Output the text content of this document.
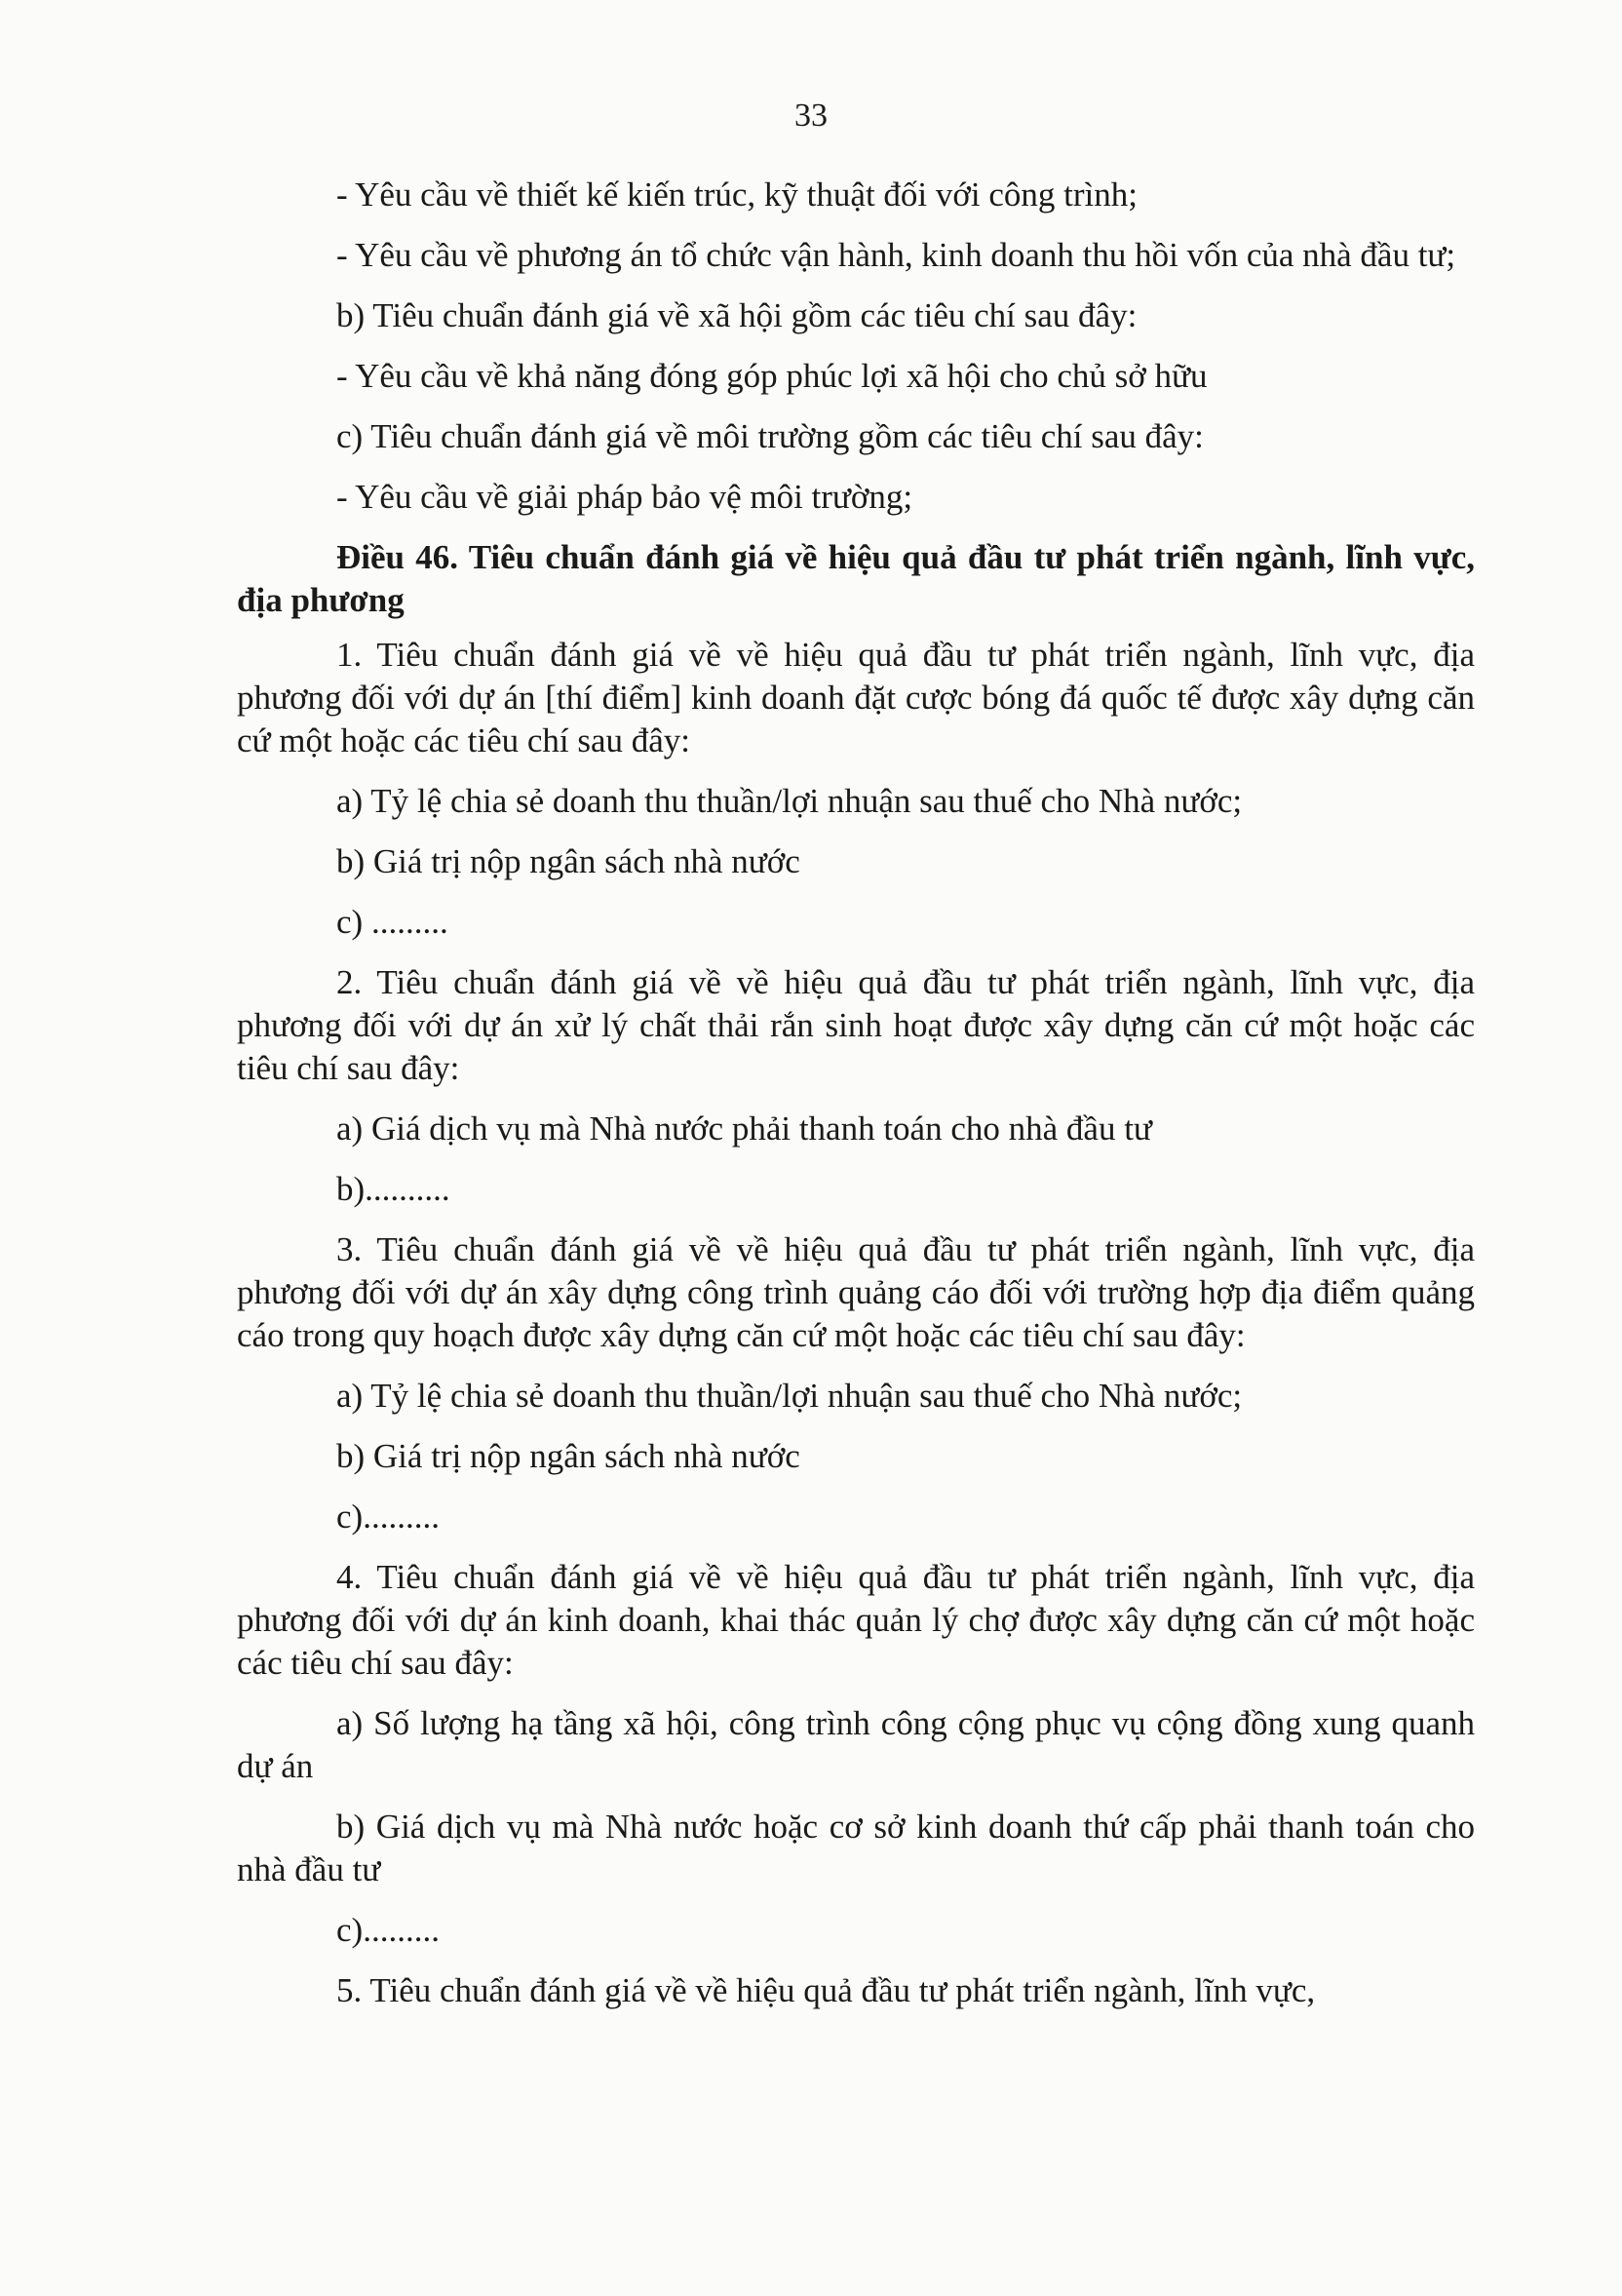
33

- Yêu cầu về thiết kế kiến trúc, kỹ thuật đối với công trình;

- Yêu cầu về phương án tổ chức vận hành, kinh doanh thu hồi vốn của nhà đầu tư;

b) Tiêu chuẩn đánh giá về xã hội gồm các tiêu chí sau đây:

- Yêu cầu về khả năng đóng góp phúc lợi xã hội cho chủ sở hữu

c) Tiêu chuẩn đánh giá về môi trường gồm các tiêu chí sau đây:

- Yêu cầu về giải pháp bảo vệ môi trường;

Điều 46. Tiêu chuẩn đánh giá về hiệu quả đầu tư phát triển ngành, lĩnh vực, địa phương

1. Tiêu chuẩn đánh giá về về hiệu quả đầu tư phát triển ngành, lĩnh vực, địa phương đối với dự án [thí điểm] kinh doanh đặt cược bóng đá quốc tế được xây dựng căn cứ một hoặc các tiêu chí sau đây:

a) Tỷ lệ chia sẻ doanh thu thuần/lợi nhuận sau thuế cho Nhà nước;

b) Giá trị nộp ngân sách nhà nước

c) .........

2. Tiêu chuẩn đánh giá về về hiệu quả đầu tư phát triển ngành, lĩnh vực, địa phương đối với dự án xử lý chất thải rắn sinh hoạt được xây dựng căn cứ một hoặc các tiêu chí sau đây:

a) Giá dịch vụ mà Nhà nước phải thanh toán cho nhà đầu tư

b)..........

3. Tiêu chuẩn đánh giá về về hiệu quả đầu tư phát triển ngành, lĩnh vực, địa phương đối với dự án xây dựng công trình quảng cáo đối với trường hợp địa điểm quảng cáo trong quy hoạch được xây dựng căn cứ một hoặc các tiêu chí sau đây:

a) Tỷ lệ chia sẻ doanh thu thuần/lợi nhuận sau thuế cho Nhà nước;

b) Giá trị nộp ngân sách nhà nước

c).........

4. Tiêu chuẩn đánh giá về về hiệu quả đầu tư phát triển ngành, lĩnh vực, địa phương đối với dự án kinh doanh, khai thác quản lý chợ được xây dựng căn cứ một hoặc các tiêu chí sau đây:

a) Số lượng hạ tầng xã hội, công trình công cộng phục vụ cộng đồng xung quanh dự án

b) Giá dịch vụ mà Nhà nước hoặc cơ sở kinh doanh thứ cấp phải thanh toán cho nhà đầu tư

c).........

5. Tiêu chuẩn đánh giá về về hiệu quả đầu tư phát triển ngành, lĩnh vực,
